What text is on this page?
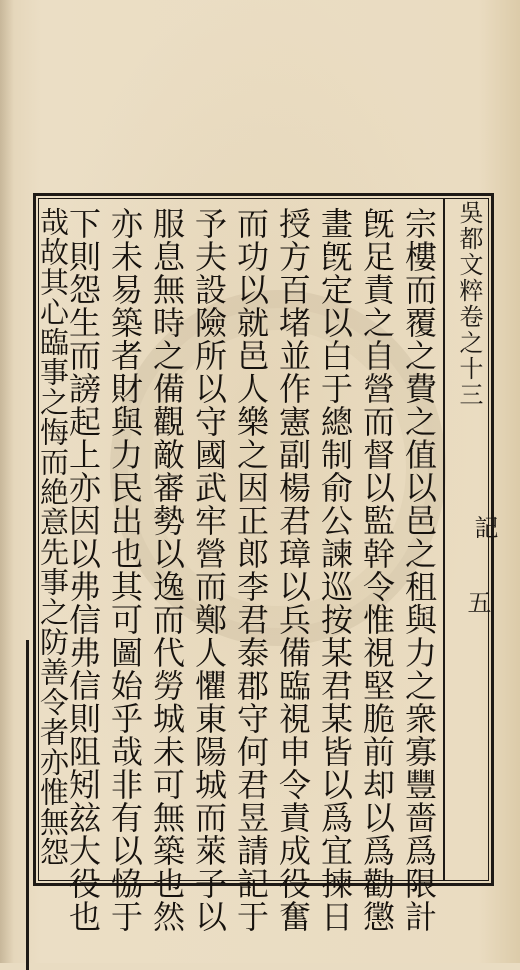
吳都文粹卷之十三
記
五
宗樓而覆之費之值以邑之租與力之衆寡豐嗇爲限計
旣足責之自營而督以監幹令惟視堅脆前却以爲勸懲
畫旣定以白于總制俞公諫巡按某君某皆以爲宜揀日
授方百堵並作憲副楊君璋以兵備臨視申令責成役奮
而功以就邑人樂之因正郎李君泰郡守何君昱請記于
予夫設險所以守國武牢營而鄭人懼東陽城而萊子以
服息無時之備觀敵審勢以逸而代勞城未可無築也然
亦未易築者財與力民出也其可圖始乎哉非有以恊于
下則怨生而謗起上亦因以弗信弗信則阻矧玆大役也
哉故其心臨事之悔而絶意先事之防善令者亦惟無怨
